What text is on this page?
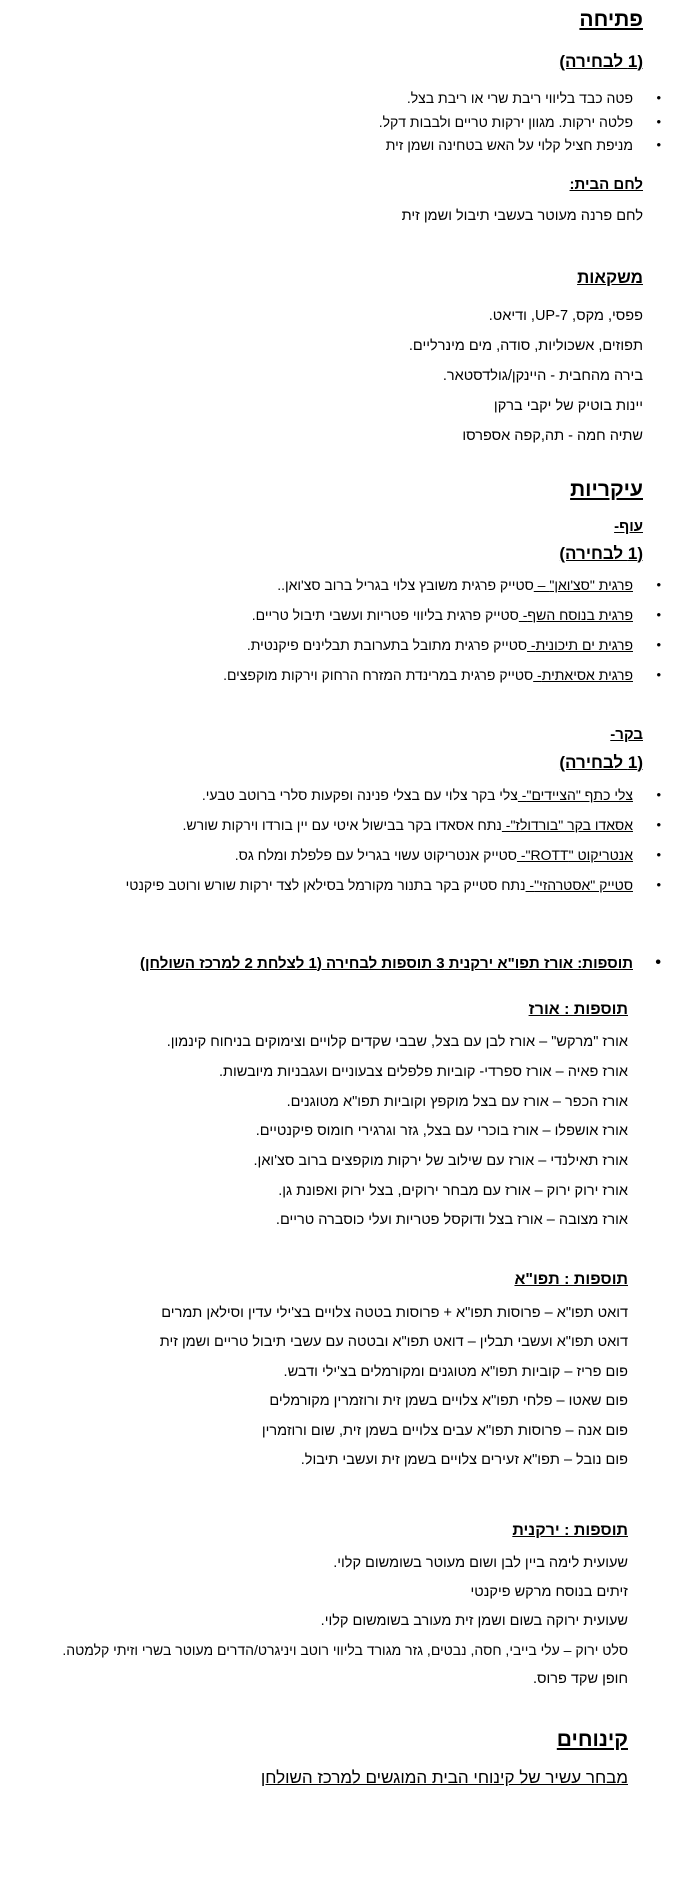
פתיחה
(1 לבחירה)
• פטה כבד בליווי ריבת שרי או ריבת בצל.
• פלטה ירקות. מגוון ירקות טריים ולבבות דקל.
• מניפת חציל קלוי על האש בטחינה ושמן זית
לחם הבית:
לחם פרנה מעוטר בעשבי תיבול ושמן זית
משקאות
פפסי, מקס, 7-UP, ודיאט.
תפוזים, אשכוליות, סודה, מים מינרליים.
בירה מהחבית - היינקן/גולדסטאר.
יינות בוטיק של יקבי ברקן
שתיה חמה - תה,קפה אספרסו
עיקריות
עוף-
(1 לבחירה)
• פרגית "סצ'ואן" – סטייק פרגית משובץ צלוי בגריל ברוב סצ'ואן..
• פרגית בנוסח השף- סטייק פרגית בליווי פטריות ועשבי תיבול טריים.
• פרגית ים תיכונית- סטייק פרגית מתובל בתערובת תבלינים פיקנטית.
• פרגית אסיאתית- סטייק פרגית במרינדת המזרח הרחוק וירקות מוקפצים.
בקר-
(1 לבחירה)
• צלי כתף "הציידים"- צלי בקר צלוי עם בצלי פנינה ופקעות סלרי ברוטב טבעי.
• אסאדו בקר "בורדולז"- נתח אסאדו בקר בבישול איטי עם יין בורדו וירקות שורש.
• אנטריקוט "ROTT"- סטייק אנטריקוט עשוי בגריל עם פלפלת ומלח גס.
• סטייק "אסטרהזי"- נתח סטייק בקר בתנור מקורמל בסילאן לצד ירקות שורש ורוטב פיקנטי
• תוספות: אורז תפו"א ירקנית 3 תוספות לבחירה (1 לצלחת 2 למרכז השולחן)
תוספות : אורז
אורז "מרקש" – אורז לבן עם בצל, שבבי שקדים קלויים וצימוקים בניחוח קינמון.
אורז פאיה – אורז ספרדי- קוביות פלפלים צבעוניים ועגבניות מיובשות.
אורז הכפר – אורז עם בצל מוקפץ וקוביות תפו"א מטוגנים.
אורז אושפלו – אורז בוכרי עם בצל, גזר וגרגירי חומוס פיקנטיים.
אורז תאילנדי – אורז עם שילוב של ירקות מוקפצים ברוב סצ'ואן.
אורז ירוק ירוק – אורז עם מבחר ירוקים, בצל ירוק ואפונת גן.
אורז מצובה – אורז בצל ודוקסל פטריות ועלי כוסברה טריים.
תוספות : תפו"א
דואט תפו"א – פרוסות תפו"א + פרוסות בטטה צלויים בצ'ילי עדין וסילאן תמרים
דואט תפו"א ועשבי תבלין – דואט תפו"א ובטטה עם עשבי תיבול טריים ושמן זית
פום פריז – קוביות תפו"א מטוגנים ומקורמלים בצ'ילי ודבש.
פום שאטו – פלחי תפו"א צלויים בשמן זית ורוזמרין מקורמלים
פום אנה – פרוסות תפו"א עבים צלויים בשמן זית, שום ורוזמרין
פום נובל – תפו"א זעירים צלויים בשמן זית ועשבי תיבול.
תוספות : ירקנית
שעועית לימה ביין לבן ושום מעוטר בשומשום קלוי.
זיתים בנוסח מרקש פיקנטי
שעועית ירוקה בשום ושמן זית מעורב בשומשום קלוי.
סלט ירוק – עלי בייבי, חסה, נבטים, גזר מגורד בליווי רוטב ויניגרט/הדרים מעוטר בשרי וזיתי קלמטה.
חופן שקד פרוס.
קינוחים
מבחר עשיר של קינוחי הבית המוגשים למרכז השולחן
